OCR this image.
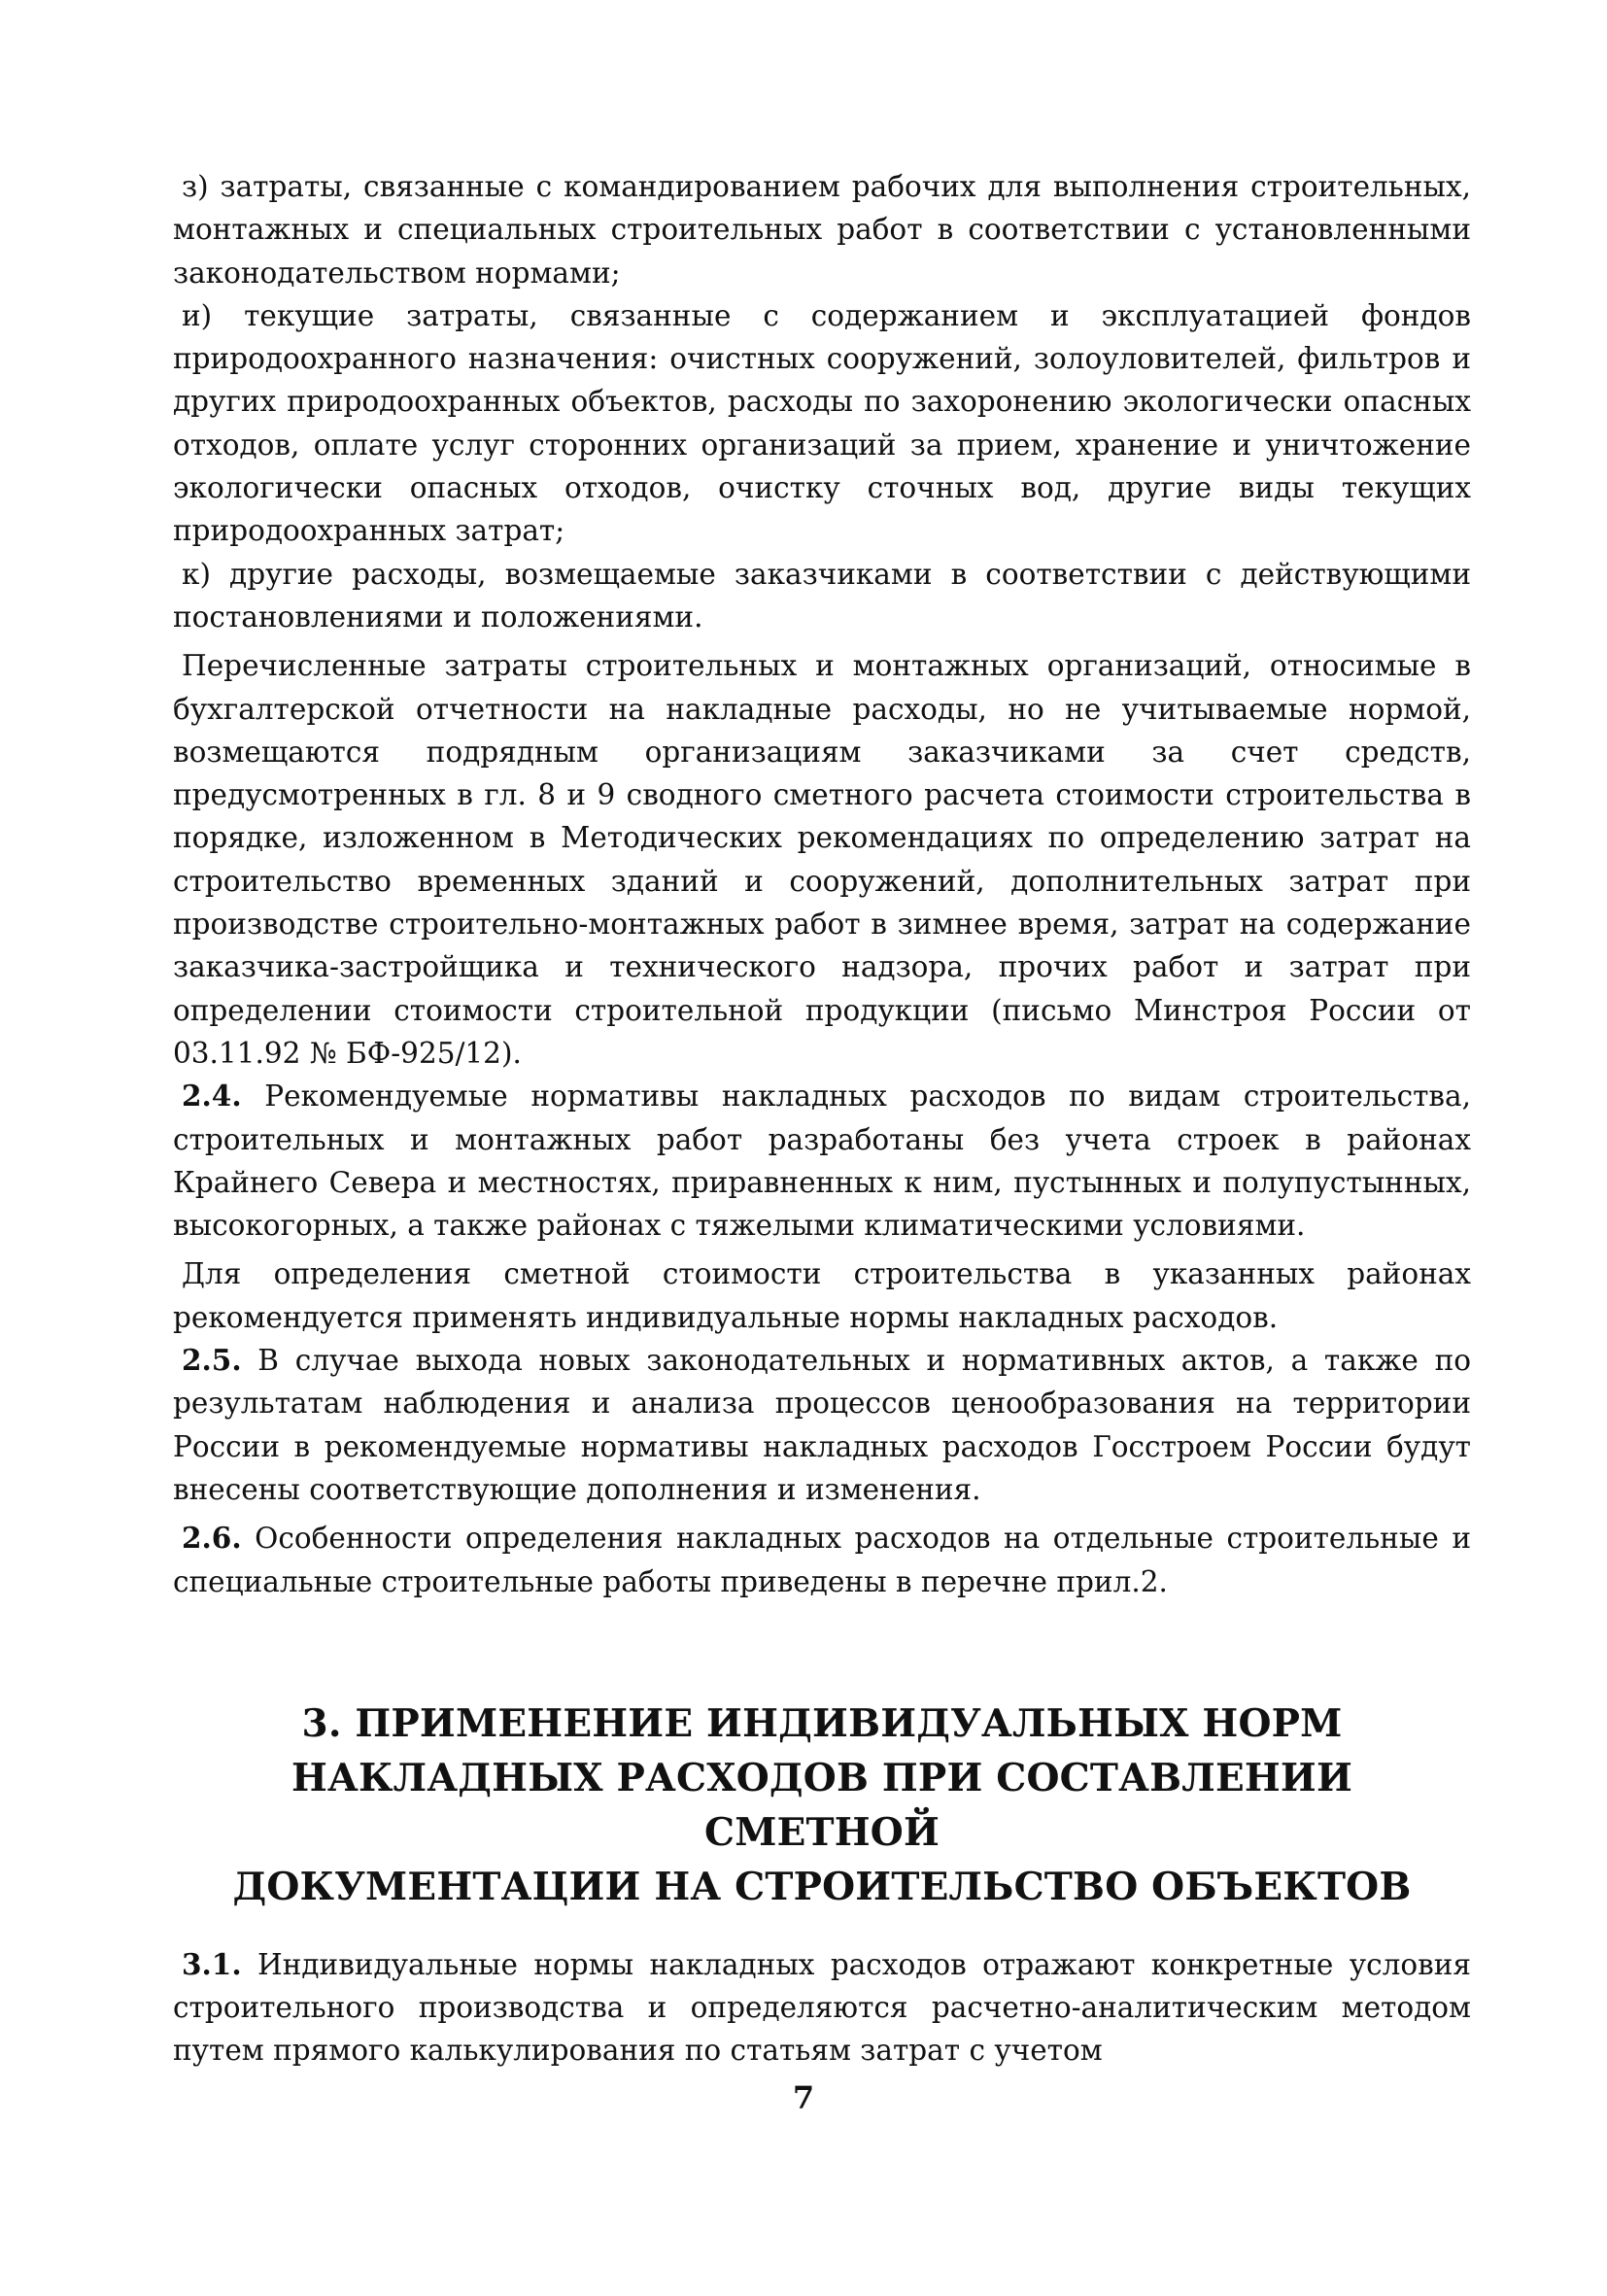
з) затраты, связанные с командированием рабочих для выполнения строительных, монтажных и специальных строительных работ в соответствии с установленными законодательством нормами;

и) текущие затраты, связанные с содержанием и эксплуатацией фондов природоохранного назначения: очистных сооружений, золоуловителей, фильтров и других природоохранных объектов, расходы по захоронению экологически опасных отходов, оплате услуг сторонних организаций за прием, хранение и уничтожение экологически опасных отходов, очистку сточных вод, другие виды текущих природоохранных затрат;

к) другие расходы, возмещаемые заказчиками в соответствии с действующими постановлениями и положениями.

Перечисленные затраты строительных и монтажных организаций, относимые в бухгалтерской отчетности на накладные расходы, но не учитываемые нормой, возмещаются подрядным организациям заказчиками за счет средств, предусмотренных в гл. 8 и 9 сводного сметного расчета стоимости строительства в порядке, изложенном в Методических рекомендациях по определению затрат на строительство временных зданий и сооружений, дополнительных затрат при производстве строительно-монтажных работ в зимнее время, затрат на содержание заказчика-застройщика и технического надзора, прочих работ и затрат при определении стоимости строительной продукции (письмо Минстроя России от 03.11.92 № БФ-925/12).

2.4. Рекомендуемые нормативы накладных расходов по видам строительства, строительных и монтажных работ разработаны без учета строек в районах Крайнего Севера и местностях, приравненных к ним, пустынных и полупустынных, высокогорных, а также районах с тяжелыми климатическими условиями.

Для определения сметной стоимости строительства в указанных районах рекомендуется применять индивидуальные нормы накладных расходов.

2.5. В случае выхода новых законодательных и нормативных актов, а также по результатам наблюдения и анализа процессов ценообразования на территории России в рекомендуемые нормативы накладных расходов Госстроем России будут внесены соответствующие дополнения и изменения.

2.6. Особенности определения накладных расходов на отдельные строительные и специальные строительные работы приведены в перечне прил.2.

3. ПРИМЕНЕНИЕ ИНДИВИДУАЛЬНЫХ НОРМ
НАКЛАДНЫХ РАСХОДОВ ПРИ СОСТАВЛЕНИИ СМЕТНОЙ
ДОКУМЕНТАЦИИ НА СТРОИТЕЛЬСТВО ОБЪЕКТОВ

3.1. Индивидуальные нормы накладных расходов отражают конкретные условия строительного производства и определяются расчетно-аналитическим методом путем прямого калькулирования по статьям затрат с учетом

7
